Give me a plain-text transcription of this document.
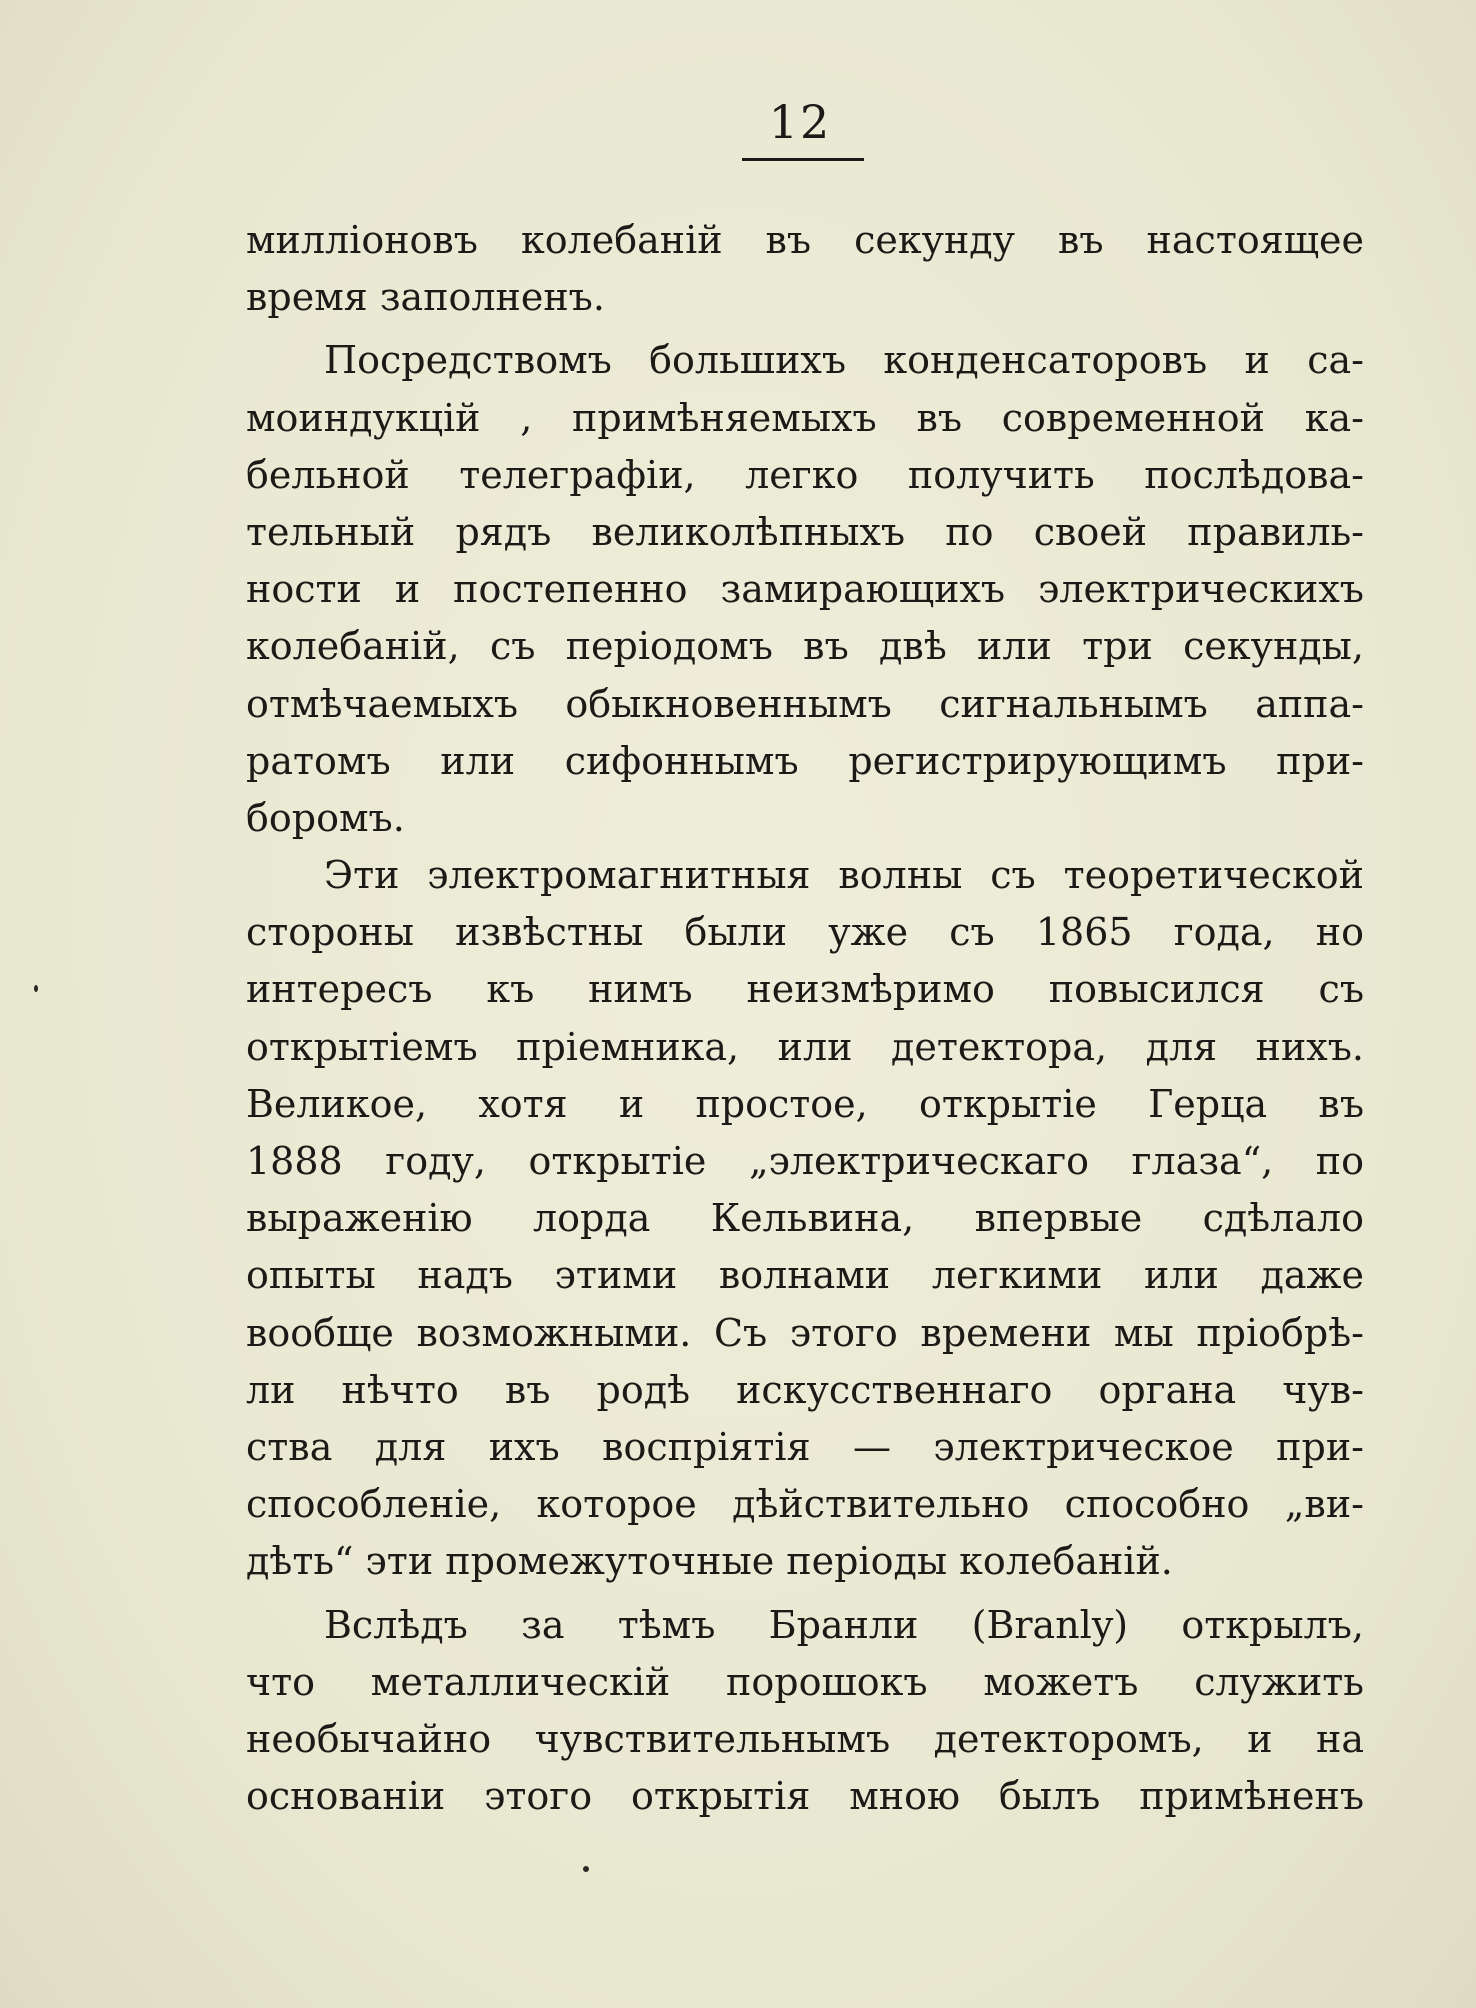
12
милліоновъ колебаній въ секунду въ настоящее
время заполненъ.
Посредствомъ большихъ конденсаторовъ и са-
моиндукцій , примѣняемыхъ въ современной ка-
бельной телеграфіи, легко получить послѣдова-
тельный рядъ великолѣпныхъ по своей правиль-
ности и постепенно замирающихъ электрическихъ
колебаній, съ періодомъ въ двѣ или три секунды,
отмѣчаемыхъ обыкновеннымъ сигнальнымъ аппа-
ратомъ или сифоннымъ регистрирующимъ при-
боромъ.
Эти электромагнитныя волны съ теоретической
стороны извѣстны были уже съ 1865 года, но
интересъ къ нимъ неизмѣримо повысился съ
открытіемъ пріемника, или детектора, для нихъ.
Великое, хотя и простое, открытіе Герца въ
1888 году, открытіе „электрическаго глаза“, по
выраженію лорда Кельвина, впервые сдѣлало
опыты надъ этими волнами легкими или даже
вообще возможными. Съ этого времени мы пріобрѣ-
ли нѣчто въ родѣ искусственнаго органа чув-
ства для ихъ воспріятія — электрическое при-
способленіе, которое дѣйствительно способно „ви-
дѣть“ эти промежуточные періоды колебаній.
Вслѣдъ за тѣмъ Бранли (Branly) открылъ,
что металлическій порошокъ можетъ служить
необычайно чувствительнымъ детекторомъ, и на
основаніи этого открытія мною былъ примѣненъ
